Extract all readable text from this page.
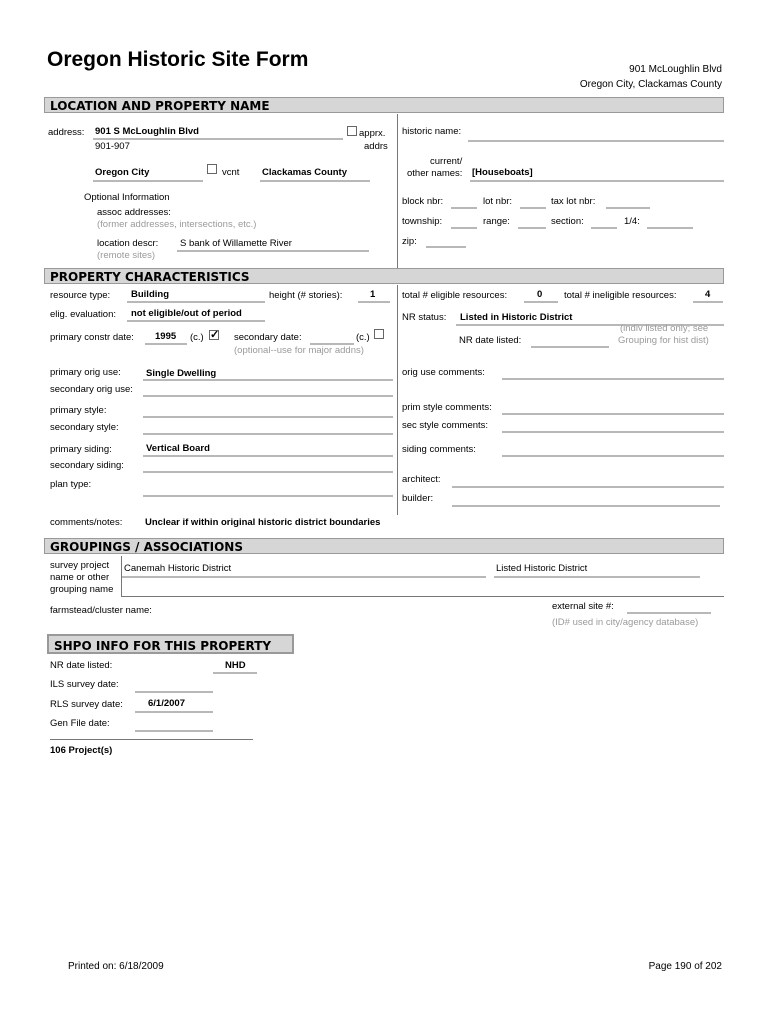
Oregon Historic Site Form	901 McLoughlin Blvd
Oregon City, Clackamas County
LOCATION AND PROPERTY NAME
address: 901 S McLoughlin Blvd	apprx.
addrs
901-907
Oregon City	vcnt Clackamas County
Optional Information
assoc addresses:
(former addresses, intersections, etc.)
location descr: S bank of Willamette River
(remote sites)
historic name:
current/
other names: [Houseboats]
block nbr:	lot nbr:	tax lot nbr:
township:	range:	section:	1/4:
zip:
PROPERTY CHARACTERISTICS
resource type: Building	height (# stories):	1	total # eligible resources:	0 total # ineligible resources:	4
elig. evaluation: not eligible/out of period	NR status: Listed in Historic District
primary constr date: 1995 (c.)
✓	secondary date:	(c.)
(optional--use for major addns)
(indiv listed only; see
Grouping for hist dist)
NR date listed:
primary orig use:	Single Dwelling	orig use comments:
secondary orig use:
primary style:	prim style comments:
secondary style:	sec style comments:
primary siding:	Vertical Board	siding comments:
secondary siding:
plan type:	architect:
builder:
comments/notes: Unclear if within original historic district boundaries
GROUPINGS / ASSOCIATIONS
survey project
name or other
grouping name
Canemah Historic District	Listed Historic District
farmstead/cluster name:	external site #:
(ID# used in city/agency database)
SHPO INFO FOR THIS PROPERTY
NR date listed:	NHD
ILS survey date:
RLS survey date:	6/1/2007
Gen File date:
106 Project(s)
Printed on: 6/18/2009	Page 190 of 202
